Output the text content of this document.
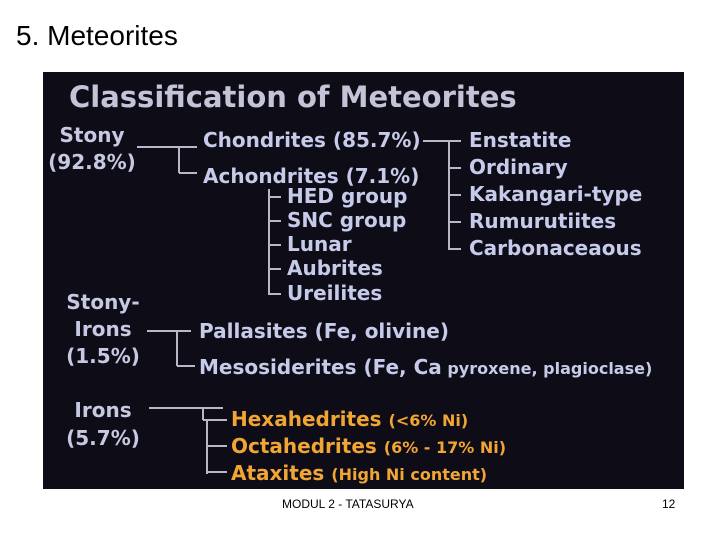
5. Meteorites
Classification of Meteorites
Stony
(92.8%)
Chondrites (85.7%)
Achondrites (7.1%)
Enstatite
Ordinary
Kakangari-type
Rumurutiites
Carbonaceaous
HED group
SNC group
Lunar
Aubrites
Ureilites
Stony-
Irons
(1.5%)
Pallasites (Fe, olivine)
Mesosiderites (Fe, Ca pyroxene, plagioclase)
Irons
(5.7%)
Hexahedrites (<6% Ni)
Octahedrites (6% - 17% Ni)
Ataxites (High Ni content)
MODUL 2 - TATASURYA	12
